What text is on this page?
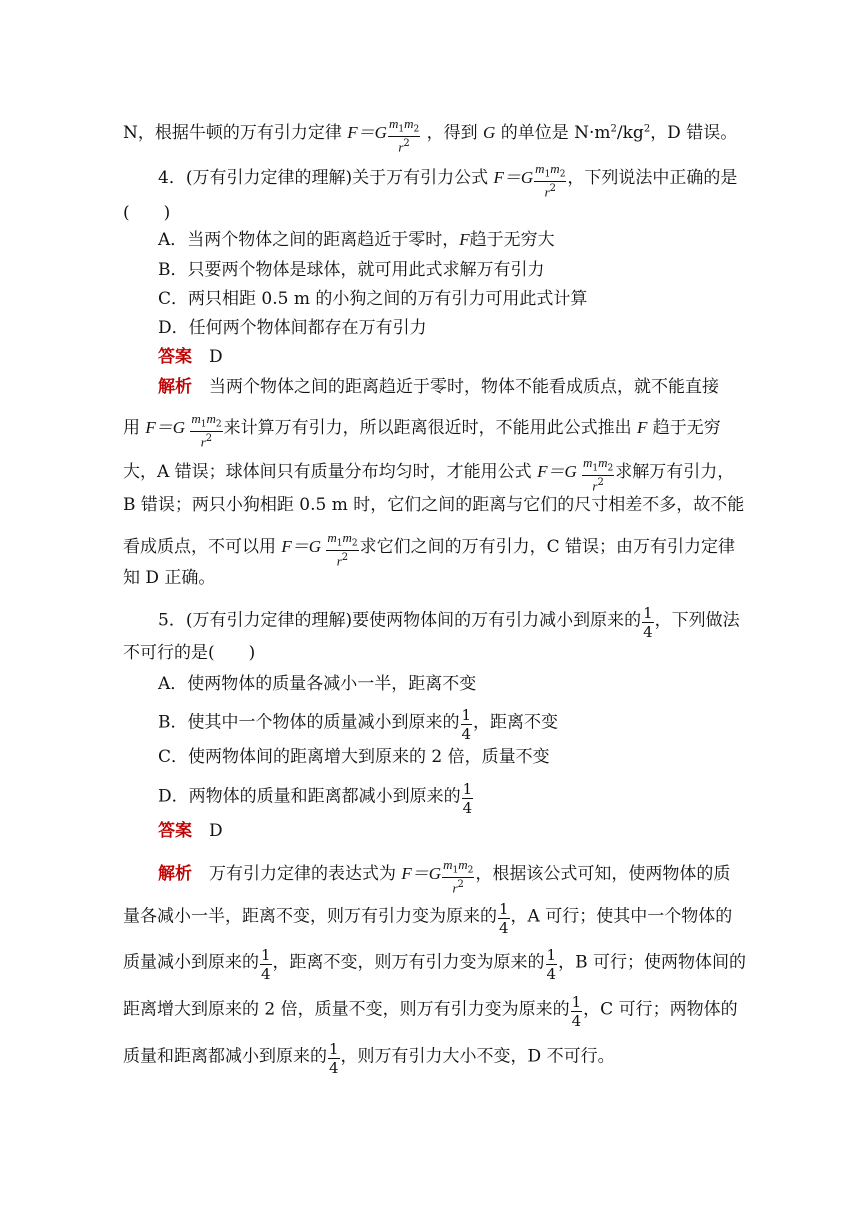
N，根据牛顿的万有引力定律 $F=G \frac{m_1m_2}{r^2}$ ，得到 G 的单位是 $N\cdot m^2/kg^2$，D 错误。
4．(万有引力定律的理解)关于万有引力公式 $F=G \frac{m_1m_2}{r^2}$ ，下列说法中正确的是
(　　)
A．当两个物体之间的距离趋近于零时，F趋于无穷大
B．只要两个物体是球体，就可用此式求解万有引力
C．两只相距 0.5 m 的小狗之间的万有引力可用此式计算
D．任何两个物体间都存在万有引力
答案　 D
解析　 当两个物体之间的距离趋近于零时，物体不能看成质点，就不能直接
用 $F=G \frac{m_1m_2}{r^2}$ 来计算万有引力，所以距离很近时，不能用此公式推出 F 趋于无穷
大，A 错误；球体间只有质量分布均匀时，才能用公式 $F=G \frac{m_1m_2}{r^2}$ 求解万有引力，
B 错误；两只小狗相距 0.5 m 时，它们之间的距离与它们的尺寸相差不多，故不能
看成质点，不可以用 $F=G \frac{m_1m_2}{r^2}$ 求它们之间的万有引力，C 错误；由万有引力定律
知 D 正确。
5．(万有引力定律的理解)要使两物体间的万有引力减小到原来的 $\frac{1}{4}$ ，下列做法
不可行的是(　　)
A．使两物体的质量各减小一半，距离不变
B．使其中一个物体的质量减小到原来的 $\frac{1}{4}$ ，距离不变
C．使两物体间的距离增大到原来的 2 倍，质量不变
D．两物体的质量和距离都减小到原来的 $\frac{1}{4}$
答案　 D
解析　 万有引力定律的表达式为 $F=G \frac{m_1m_2}{r^2}$ ，根据该公式可知，使两物体的质
量各减小一半，距离不变，则万有引力变为原来的 $\frac{1}{4}$ ，A 可行；使其中一个物体的
质量减小到原来的 $\frac{1}{4}$ ，距离不变，则万有引力变为原来的 $\frac{1}{4}$ ，B 可行；使两物体间的
距离增大到原来的 2 倍，质量不变，则万有引力变为原来的 $\frac{1}{4}$ ，C 可行；两物体的
质量和距离都减小到原来的 $\frac{1}{4}$ ，则万有引力大小不变，D 不可行。
